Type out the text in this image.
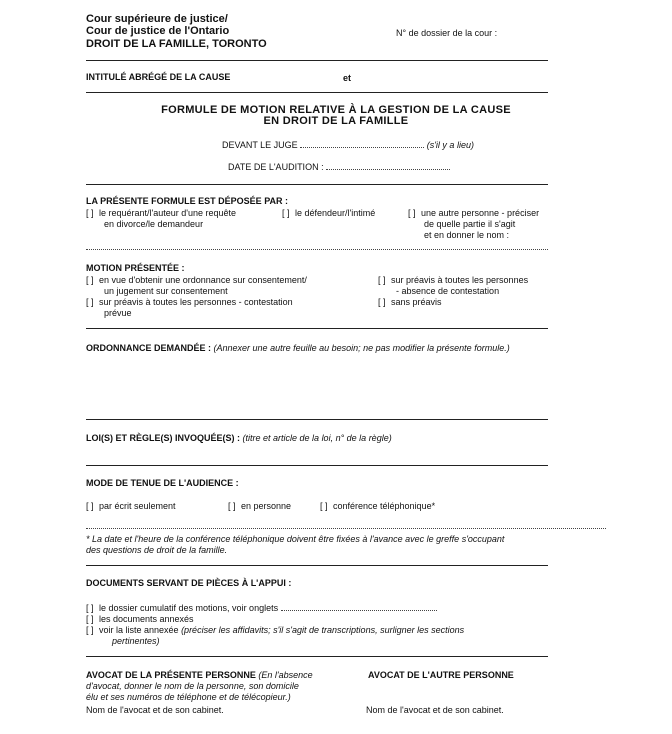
Cour supérieure de justice/
Cour de justice de l'Ontario
DROIT DE LA FAMILLE, TORONTO
N° de dossier de la cour :
INTITULÉ ABRÉGÉ DE LA CAUSE	et
FORMULE DE MOTION RELATIVE À LA GESTION DE LA CAUSE
EN DROIT DE LA FAMILLE
DEVANT LE JUGE	(s'il y a lieu)
DATE DE L'AUDITION :
LA PRÉSENTE FORMULE EST DÉPOSÉE PAR :
[ ] le requérant/l'auteur d'une requête
en divorce/le demandeur
[ ] le défendeur/l'intimé	[ ] une autre personne - préciser
de quelle partie il s'agit
et en donner le nom :
MOTION PRÉSENTÉE :
[ ] en vue d'obtenir une ordonnance sur consentement/
un jugement sur consentement
[ ] sur préavis à toutes les personnes - contestation
prévue
[ ] sur préavis à toutes les personnes
- absence de contestation
[ ] sans préavis
ORDONNANCE DEMANDÉE : (Annexer une autre feuille au besoin; ne pas modifier la présente formule.)
LOI(S) ET RÈGLE(S) INVOQUÉE(S) : (titre et article de la loi, n° de la règle)
MODE DE TENUE DE L'AUDIENCE :
[ ] par écrit seulement	[ ] en personne	[ ] conférence téléphonique*
* La date et l'heure de la conférence téléphonique doivent être fixées à l'avance avec le greffe s'occupant
des questions de droit de la famille.
DOCUMENTS SERVANT DE PIÈCES À L'APPUI :
[ ] le dossier cumulatif des motions, voir onglets
[ ] les documents annexés
[ ] voir la liste annexée (préciser les affidavits; s'il s'agit de transcriptions, surligner les sections
pertinentes)
AVOCAT DE LA PRÉSENTE PERSONNE (En l'absence
d'avocat, donner le nom de la personne, son domicile
élu et ses numéros de téléphone et de télécopieur.)
Nom de l'avocat et de son cabinet.
AVOCAT DE L'AUTRE PERSONNE
Nom de l'avocat et de son cabinet.
